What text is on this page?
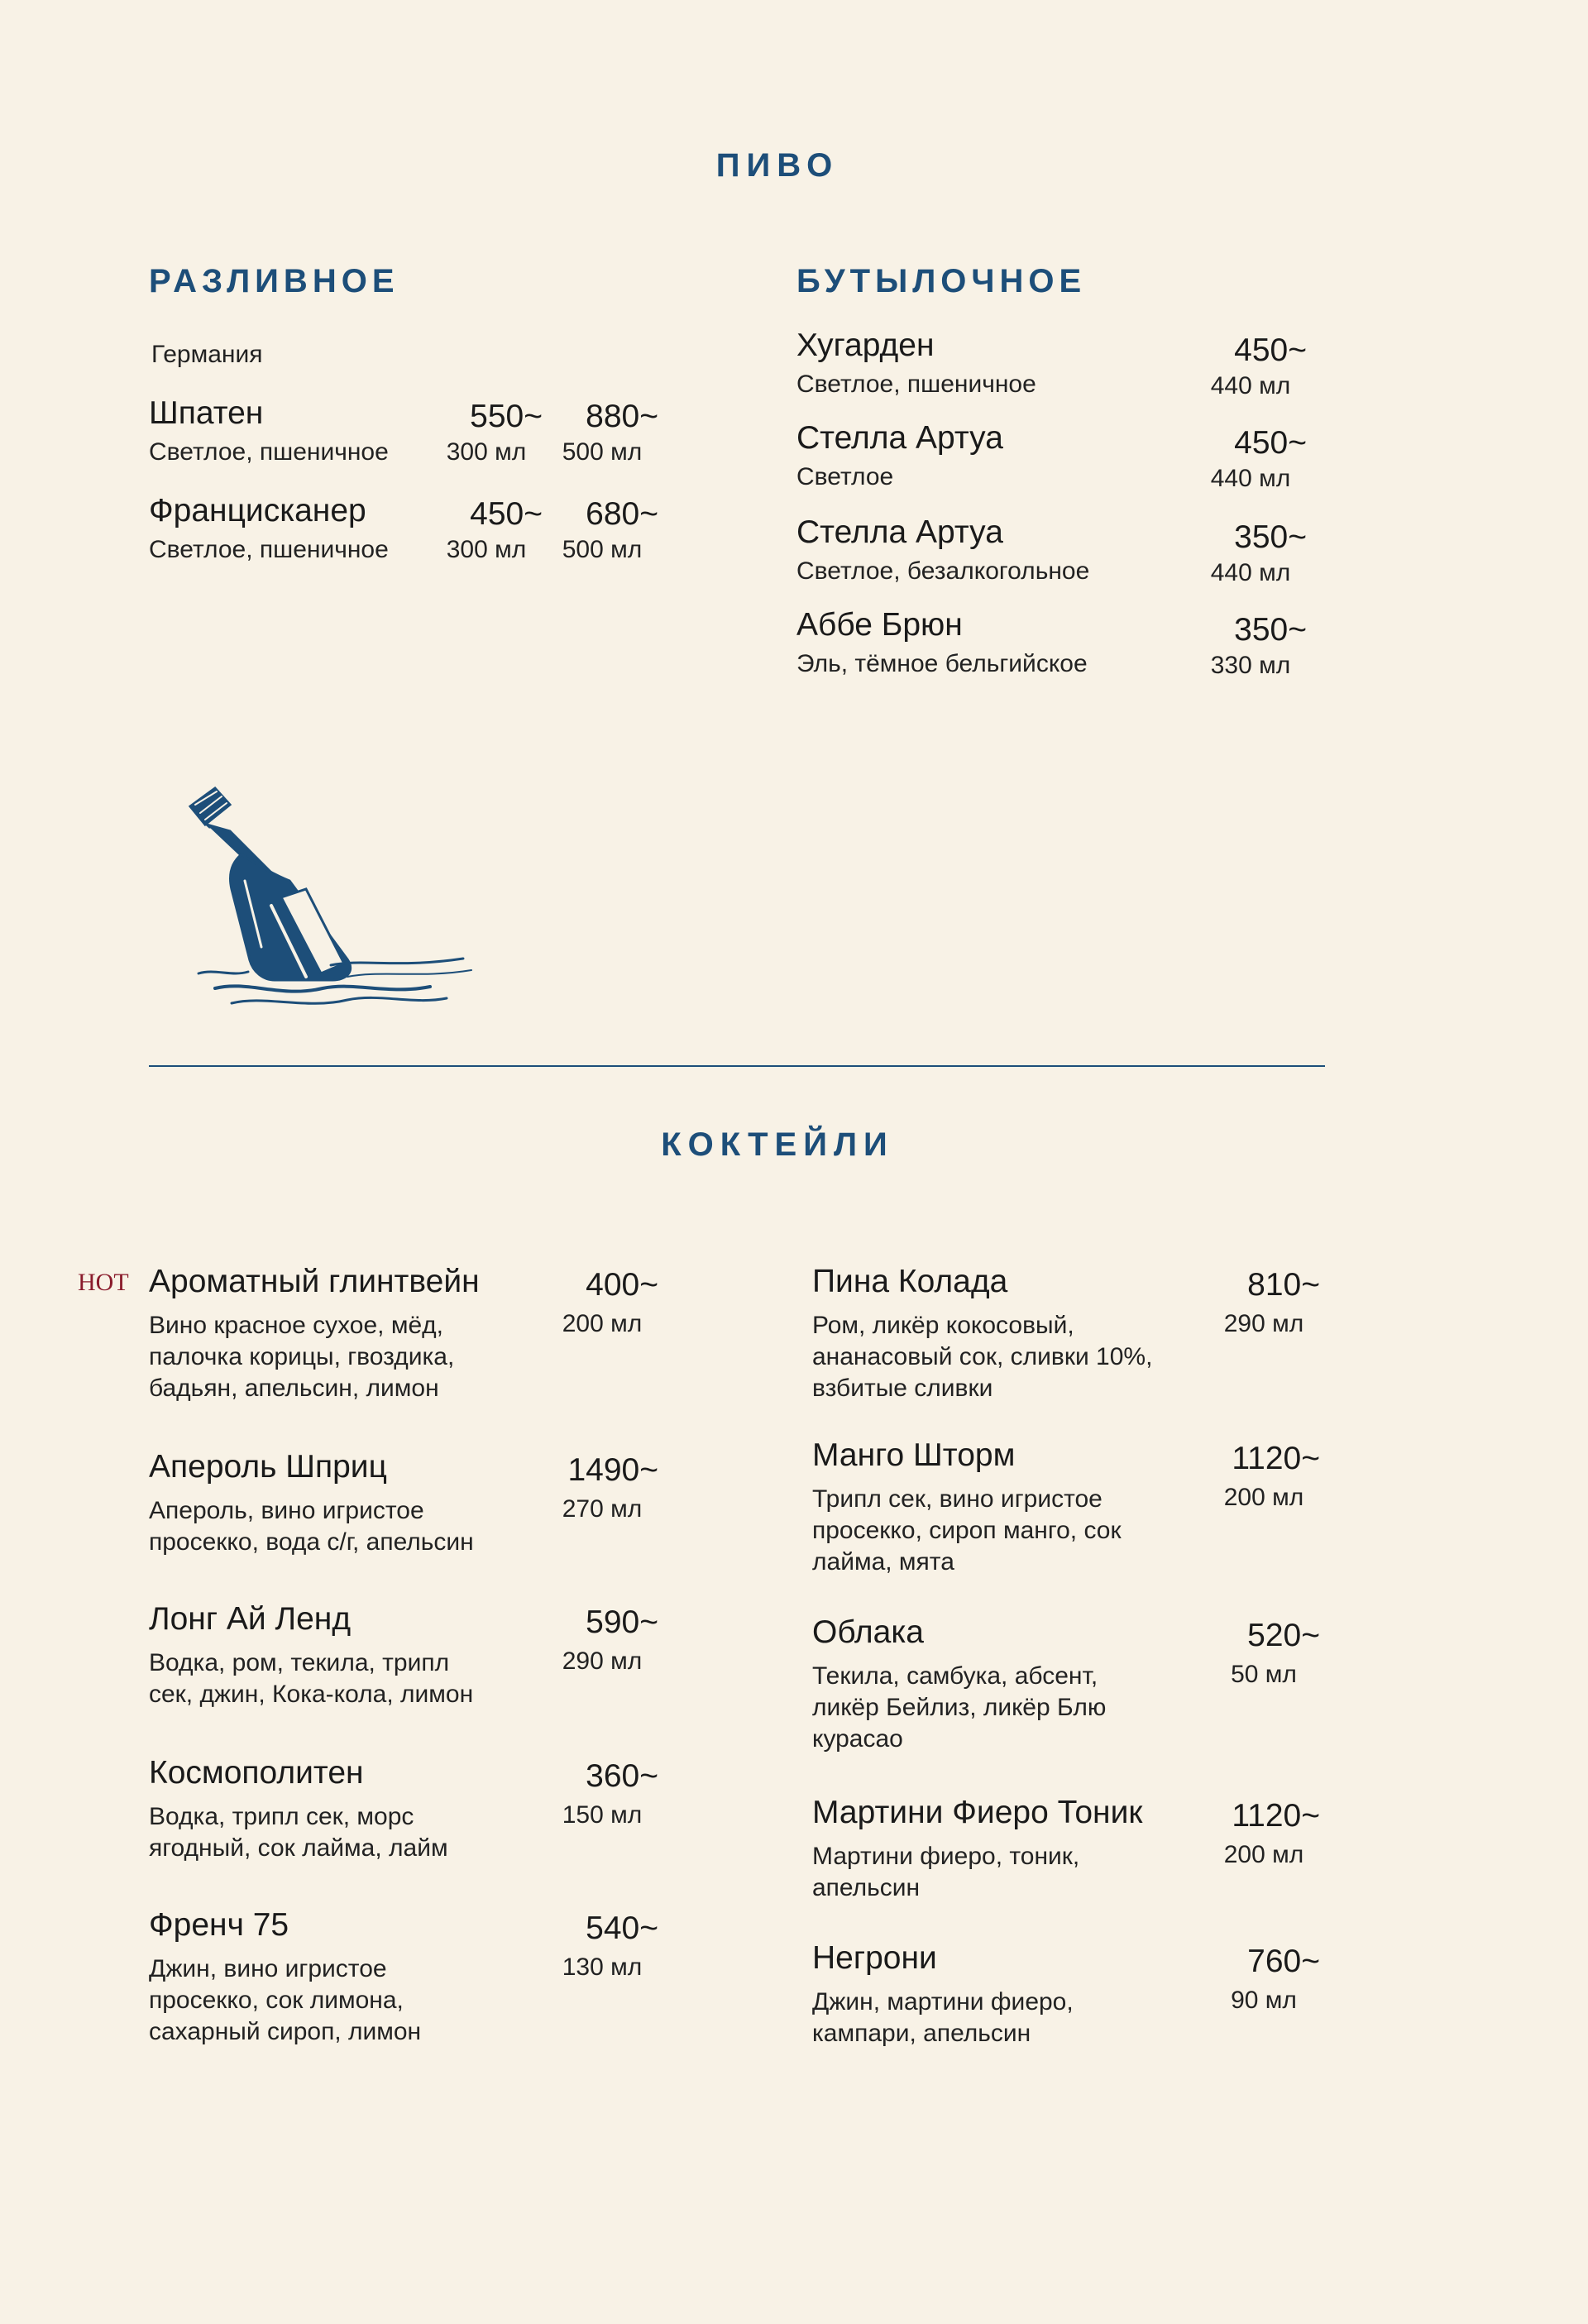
ПИВО
РАЗЛИВНОЕ
Германия
Шпатен
Светлое, пшеничное
550~
300 мл
880~
500 мл
Францисканер
Светлое, пшеничное
450~
300 мл
680~
500 мл
БУТЫЛОЧНОЕ
Хугарден
Светлое, пшеничное
450~
440 мл
Стелла Артуа
Светлое
450~
440 мл
Стелла Артуа
Светлое, безалкогольное
350~
440 мл
Аббе Брюн
Эль, тёмное бельгийское
350~
330 мл
КОКТЕЙЛИ
HOT Ароматный глинтвейн	400~
200 мл
Вино красное сухое, мёд,
палочка корицы, гвоздика,
бадьян, апельсин, лимон
Апероль Шприц	1490~
270 мл
Апероль, вино игристое
просекко, вода с/г, апельсин
Лонг Ай Ленд	590~
290 мл
Водка, ром, текила, трипл
сек, джин, Кока-кола, лимон
Космополитен	360~
150 мл
Водка, трипл сек, морс
ягодный, сок лайма, лайм
Френч 75	540~
130 мл
Джин, вино игристое
просекко, сок лимона,
сахарный сироп, лимон
Пина Колада	810~
290 мл
Ром, ликёр кокосовый,
ананасовый сок, сливки 10%,
взбитые сливки
Манго Шторм	1120~
200 мл
Трипл сек, вино игристое
просекко, сироп манго, сок
лайма, мята
Облака	520~
50 мл
Текила, самбука, абсент,
ликёр Бейлиз, ликёр Блю
курасао
Мартини Фиеро Тоник	1120~
200 мл
Мартини фиеро, тоник,
апельсин
Негрони	760~
90 мл
Джин, мартини фиеро,
кампари, апельсин
